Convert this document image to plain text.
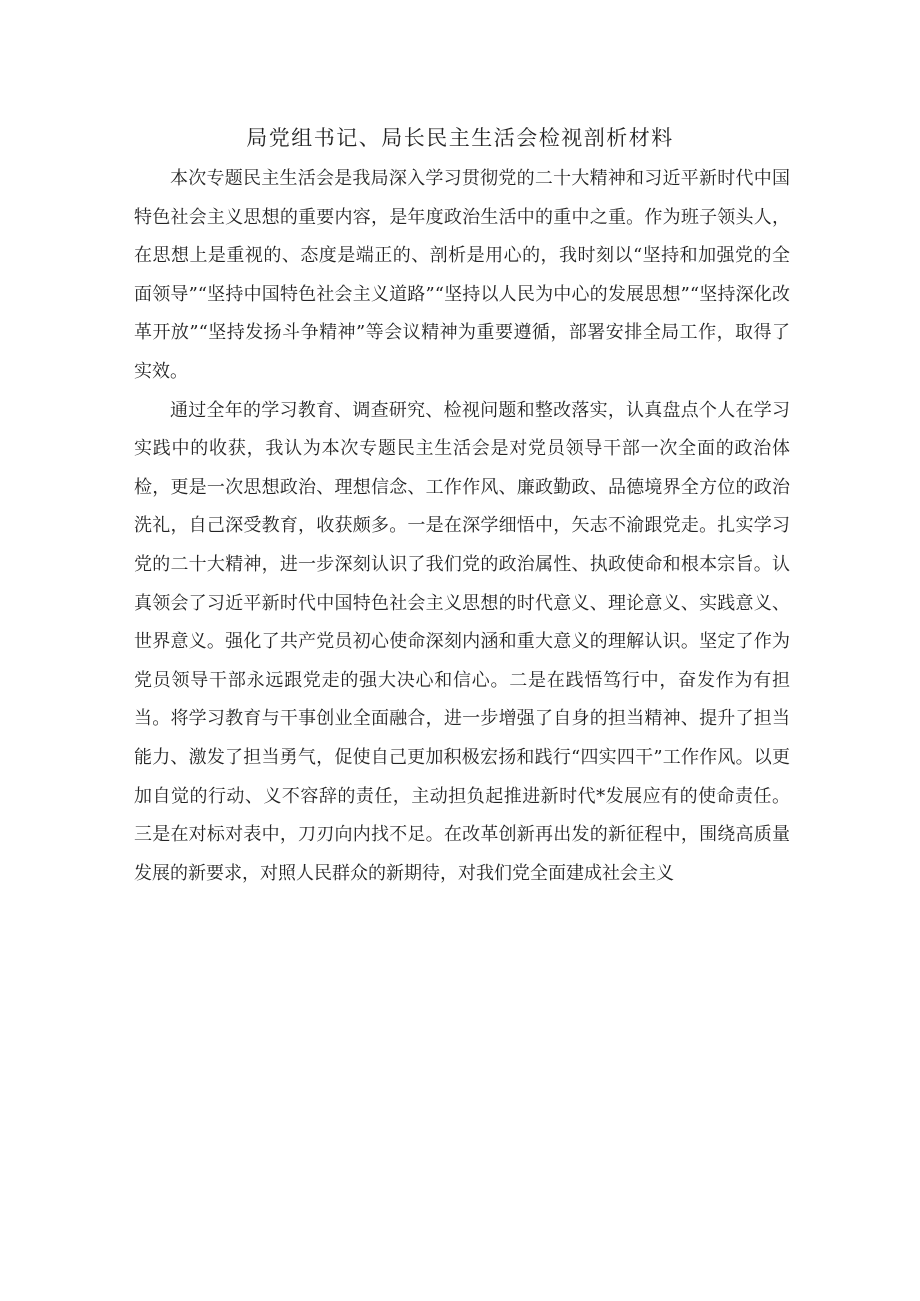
局党组书记、局长民主生活会检视剖析材料

本次专题民主生活会是我局深入学习贯彻党的二十大精神和习近平新时代中国特色社会主义思想的重要内容，是年度政治生活中的重中之重。作为班子领头人，在思想上是重视的、态度是端正的、剖析是用心的，我时刻以“坚持和加强党的全面领导”“坚持中国特色社会主义道路”“坚持以人民为中心的发展思想”“坚持深化改革开放”“坚持发扬斗争精神”等会议精神为重要遵循，部署安排全局工作，取得了实效。

通过全年的学习教育、调查研究、检视问题和整改落实，认真盘点个人在学习实践中的收获，我认为本次专题民主生活会是对党员领导干部一次全面的政治体检，更是一次思想政治、理想信念、工作作风、廉政勤政、品德境界全方位的政治洗礼，自己深受教育，收获颇多。一是在深学细悟中，矢志不渝跟党走。扎实学习党的二十大精神，进一步深刻认识了我们党的政治属性、执政使命和根本宗旨。认真领会了习近平新时代中国特色社会主义思想的时代意义、理论意义、实践意义、世界意义。强化了共产党员初心使命深刻内涵和重大意义的理解认识。坚定了作为党员领导干部永远跟党走的强大决心和信心。二是在践悟笃行中，奋发作为有担当。将学习教育与干事创业全面融合，进一步增强了自身的担当精神、提升了担当能力、激发了担当勇气，促使自己更加积极宏扬和践行“四实四干”工作作风。以更加自觉的行动、义不容辞的责任，主动担负起推进新时代*发展应有的使命责任。三是在对标对表中，刀刃向内找不足。在改革创新再出发的新征程中，围绕高质量发展的新要求，对照人民群众的新期待，对我们党全面建成社会主义
